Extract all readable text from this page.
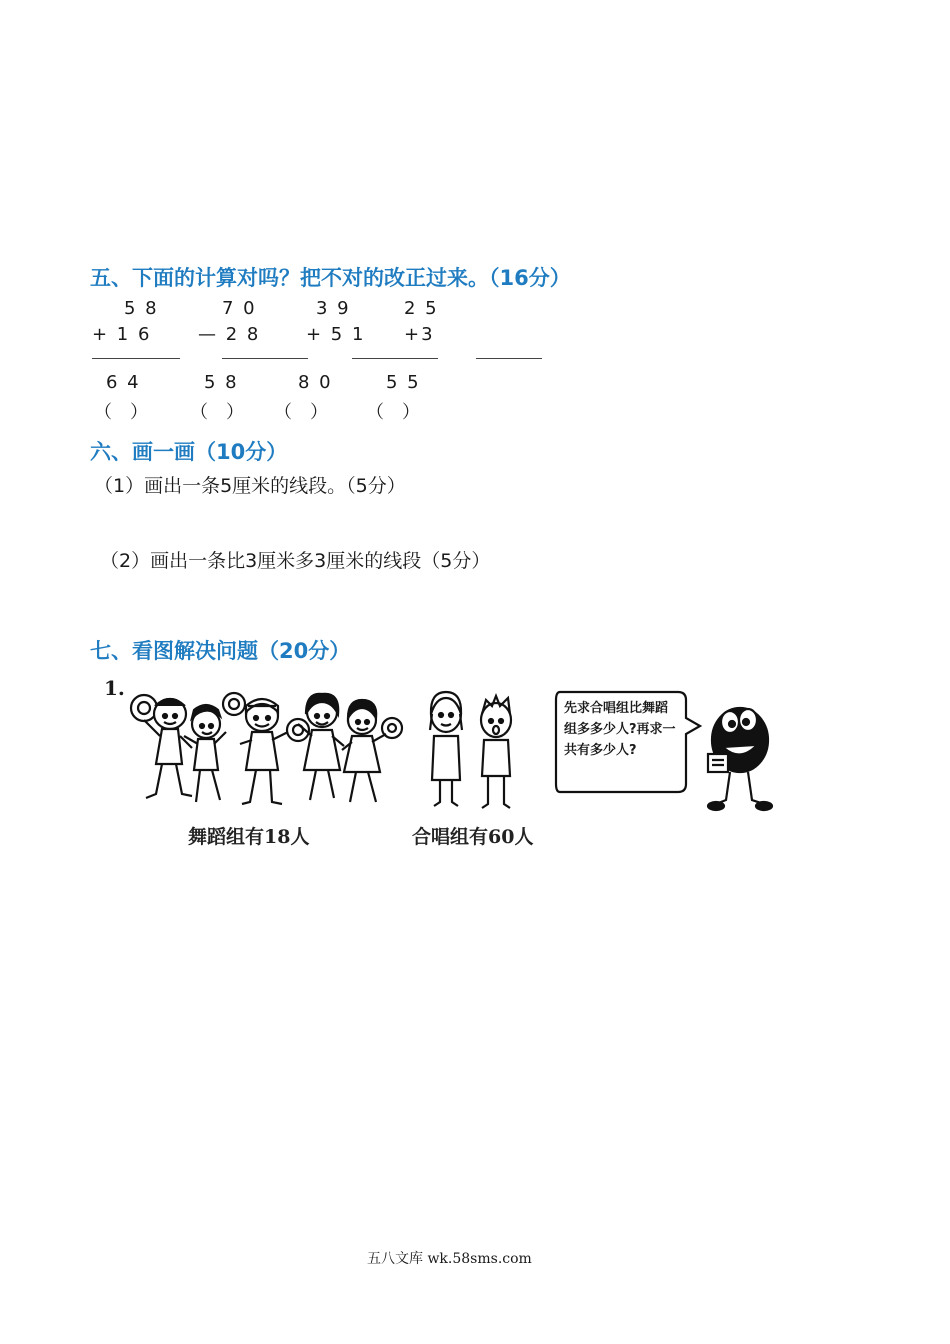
五、下面的计算对吗？把不对的改正过来。（16分）
5 8
+ 1 6
6 4
（　）
7 0
— 2 8
5 8
（　）
3 9
+ 5 1
8 0
（　）
2 5
+3
5 5
（　）
六、画一画（10分）
（1）画出一条5厘米的线段。（5分）
（2）画出一条比3厘米多3厘米的线段（5分）
七、看图解决问题（20分）
1.
舞蹈组有18人	合唱组有60人
先求合唱组比舞蹈组多多少人?再求一共有多少人?
五八文库 wk.58sms.com
